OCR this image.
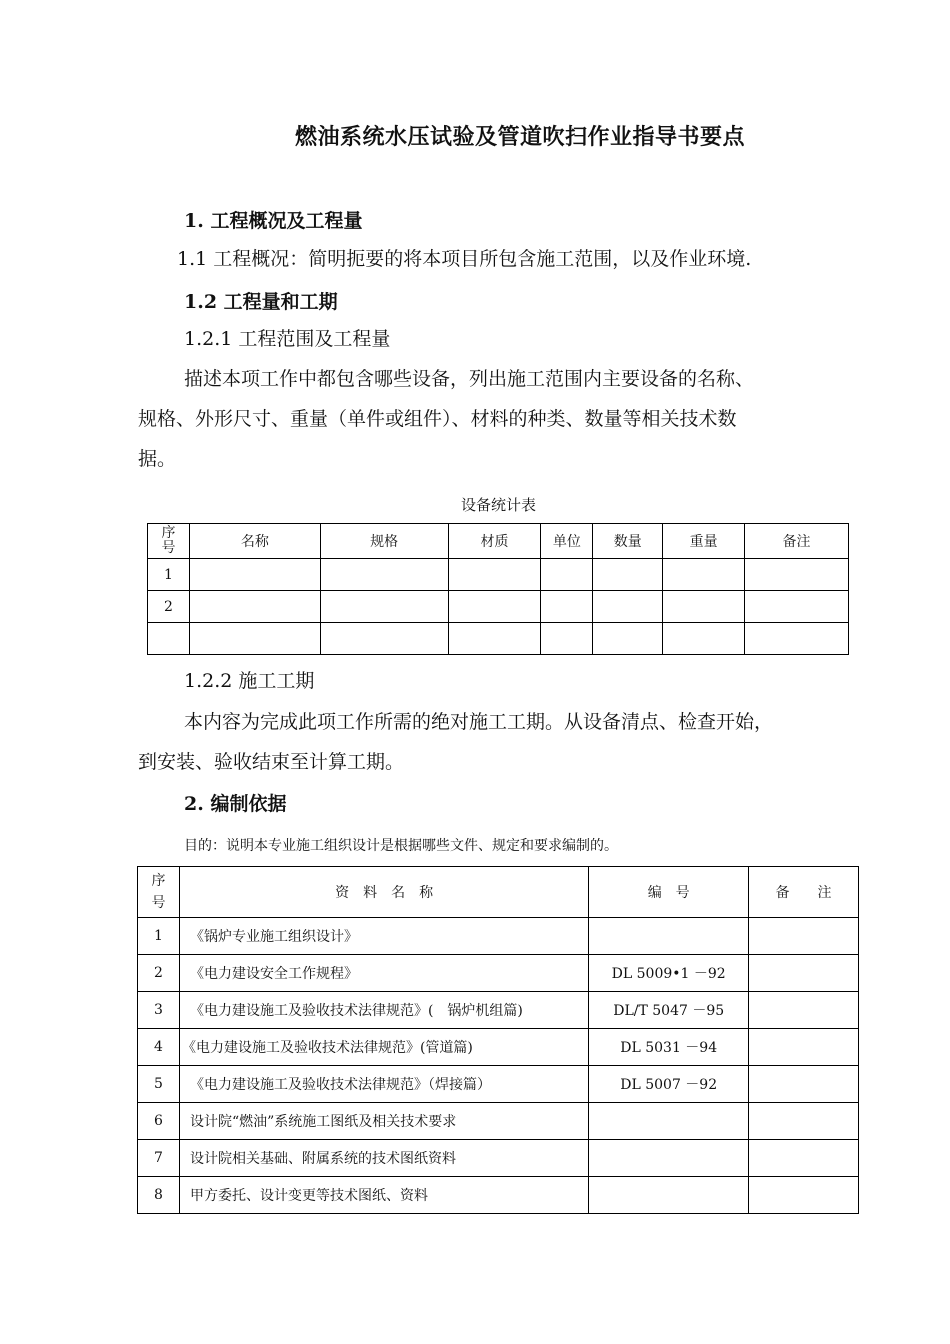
燃油系统水压试验及管道吹扫作业指导书要点
1. 工程概况及工程量
1.1 工程概况：简明扼要的将本项目所包含施工范围，以及作业环境.
1.2 工程量和工期
1.2.1 工程范围及工程量
描述本项工作中都包含哪些设备，列出施工范围内主要设备的名称、
规格、外形尺寸、重量（单件或组件）、材料的种类、数量等相关技术数
据。
设备统计表
序号	名称	规格	材质	单位	数量	重量	备注
1							
2							

1.2.2 施工工期
本内容为完成此项工作所需的绝对施工工期。从设备清点、检查开始，
到安装、验收结束至计算工期。
2. 编制依据
目的：说明本专业施工组织设计是根据哪些文件、规定和要求编制的。
序号	资　料　名　称	编　号	备　　注
1	《锅炉专业施工组织设计》		
2	《电力建设安全工作规程》	DL 5009•1 －92	
3	《电力建设施工及验收技术法律规范》(　锅炉机组篇)	DL/T 5047 －95	
4	《电力建设施工及验收技术法律规范》(管道篇)	DL 5031 －94	
5	《电力建设施工及验收技术法律规范》（焊接篇）	DL 5007 －92	
6	设计院“燃油”系统施工图纸及相关技术要求		
7	设计院相关基础、附属系统的技术图纸资料		
8	甲方委托、设计变更等技术图纸、资料		
